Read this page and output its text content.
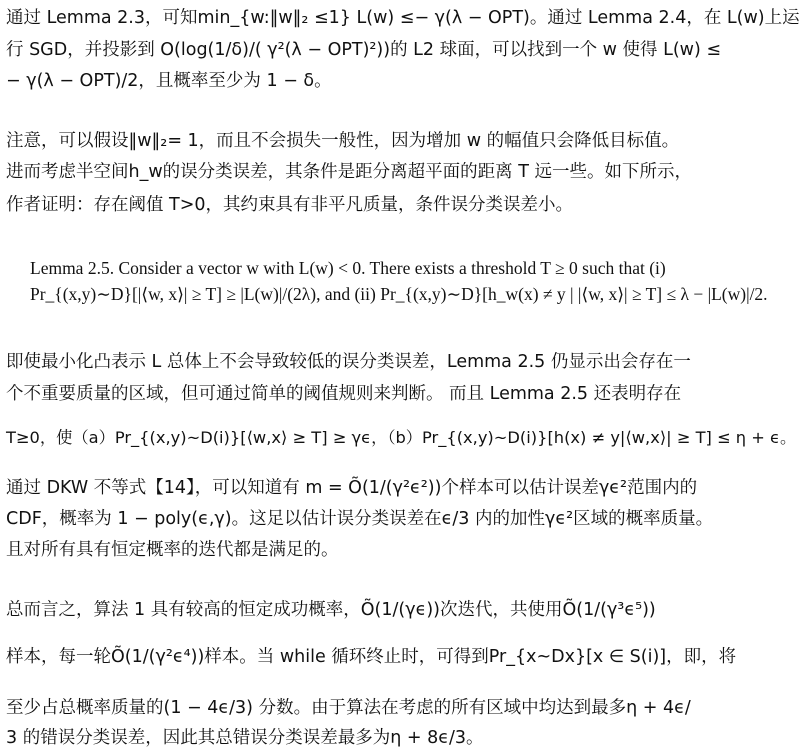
通过 Lemma 2.3，可知min_{w:‖w‖₂ ≤1} L(w) ≤− γ(λ − OPT)。通过 Lemma 2.4，在 L(w)上运
行 SGD，并投影到 O(log(1/δ)/( γ²(λ − OPT)²))的 L2 球面，可以找到一个 w 使得 L(w) ≤
− γ(λ − OPT)/2，且概率至少为 1 − δ。
注意，可以假设‖w‖₂= 1，而且不会损失一般性，因为增加 w 的幅值只会降低目标值。
进而考虑半空间h_w的误分类误差，其条件是距分离超平面的距离 T 远一些。如下所示，
作者证明：存在阈值 T>0，其约束具有非平凡质量，条件误分类误差小。
Lemma 2.5. Consider a vector w with L(w) < 0. There exists a threshold T ≥ 0 such that (i)
Pr_{(x,y)∼D}[|⟨w, x⟩| ≥ T] ≥ |L(w)|/(2λ), and (ii) Pr_{(x,y)∼D}[h_w(x) ≠ y | |⟨w, x⟩| ≥ T] ≤ λ − |L(w)|/2.
即使最小化凸表示 L 总体上不会导致较低的误分类误差，Lemma 2.5 仍显示出会存在一
个不重要质量的区域，但可通过简单的阈值规则来判断。 而且 Lemma 2.5 还表明存在
T≥0，使（a）Pr_{(x,y)~D(i)}[⟨w,x⟩ ≥ T] ≥ γϵ，（b）Pr_{(x,y)~D(i)}[h(x) ≠ y|⟨w,x⟩| ≥ T] ≤ η + ϵ。
通过 DKW 不等式【14】，可以知道有 m = Õ(1/(γ²ϵ²))个样本可以估计误差γϵ²范围内的
CDF，概率为 1 − poly(ϵ,γ)。这足以估计误分类误差在ϵ/3 内的加性γϵ²区域的概率质量。
且对所有具有恒定概率的迭代都是满足的。
总而言之，算法 1 具有较高的恒定成功概率，Õ(1/(γϵ))次迭代，共使用Õ(1/(γ³ϵ⁵))
样本，每一轮Õ(1/(γ²ϵ⁴))样本。当 while 循环终止时，可得到Pr_{x~Dx}[x ∈ S(i)]，即，将
至少占总概率质量的(1 − 4ϵ/3) 分数。由于算法在考虑的所有区域中均达到最多η + 4ϵ/
3 的错误分类误差，因此其总错误分类误差最多为η + 8ϵ/3。
